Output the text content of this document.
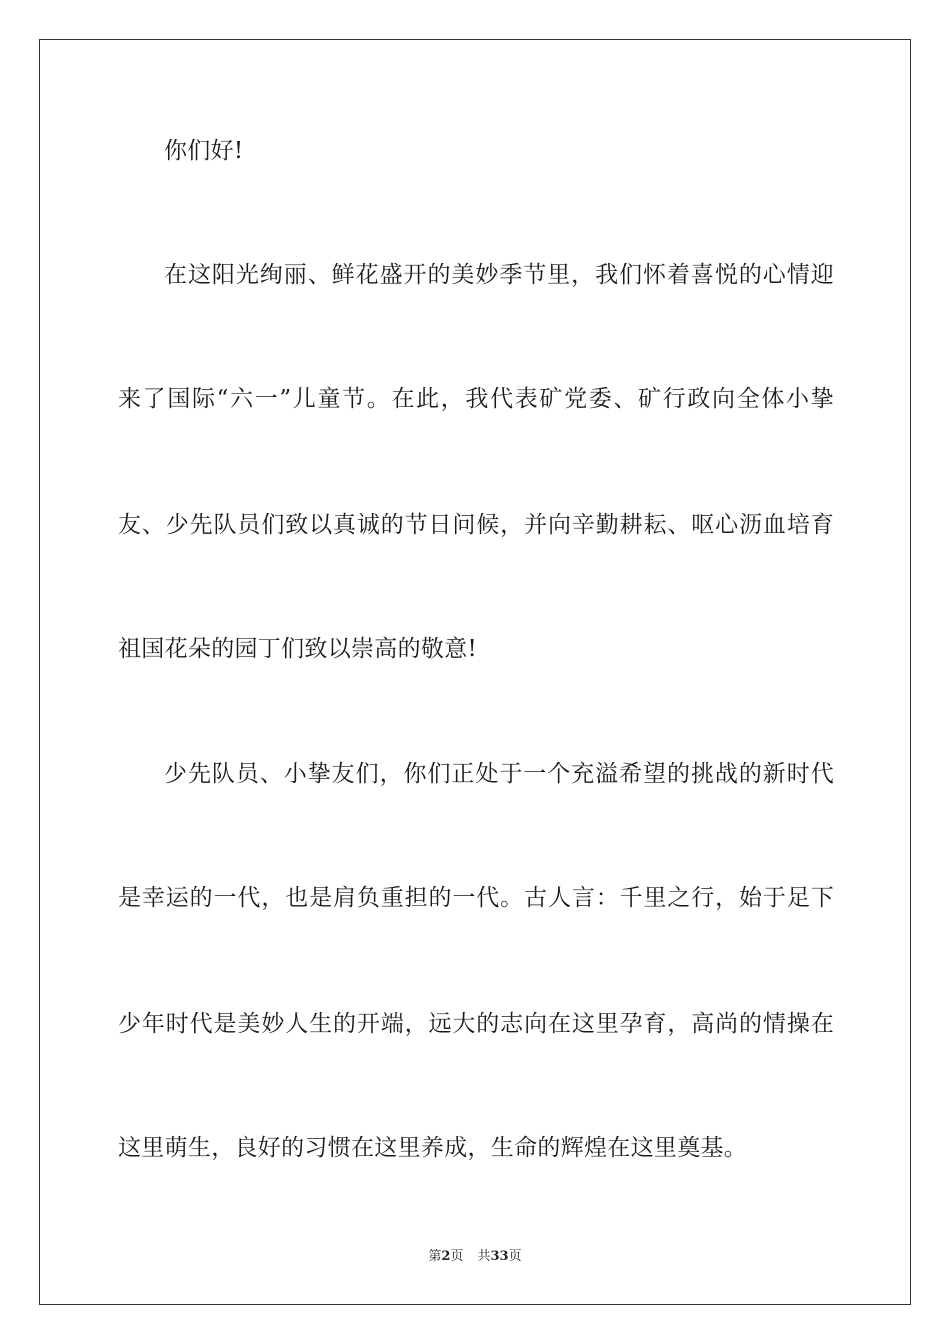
你们好!
在这阳光绚丽、鲜花盛开的美妙季节里，我们怀着喜悦的心情迎
来了国际“六一”儿童节。在此，我代表矿党委、矿行政向全体小挚
友、少先队员们致以真诚的节日问候，并向辛勤耕耘、呕心沥血培育
祖国花朵的园丁们致以崇高的敬意!
少先队员、小挚友们，你们正处于一个充溢希望的挑战的新时代
是幸运的一代，也是肩负重担的一代。古人言：千里之行，始于足下
少年时代是美妙人生的开端，远大的志向在这里孕育，高尚的情操在
这里萌生，良好的习惯在这里养成，生命的辉煌在这里奠基。
第2页 共33页
